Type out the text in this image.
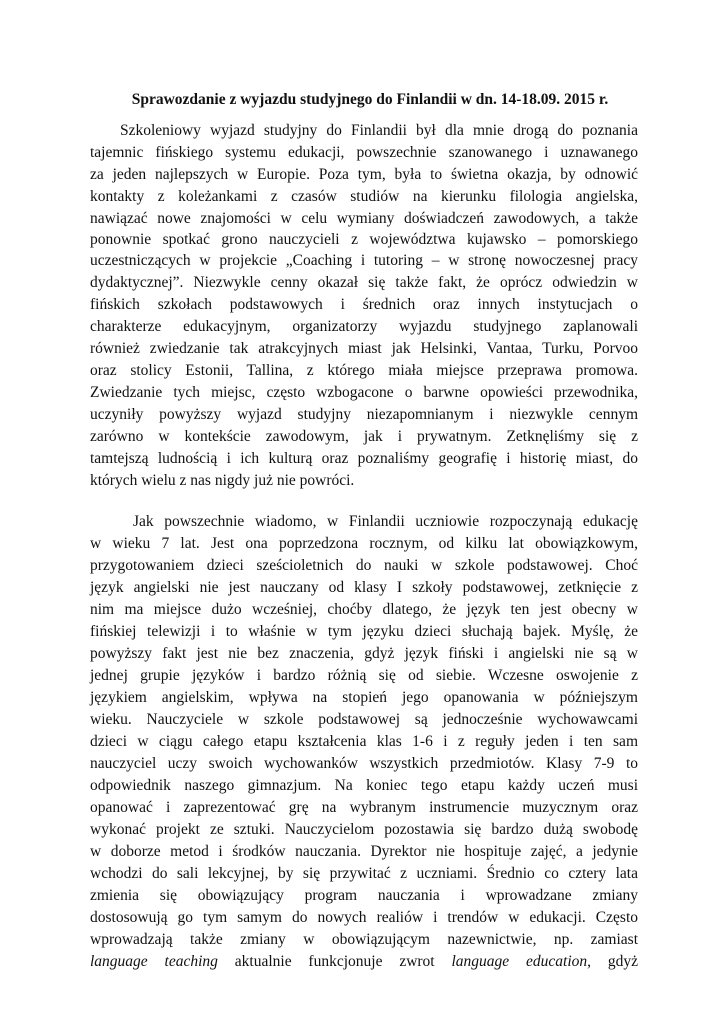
Sprawozdanie z wyjazdu studyjnego do Finlandii w dn. 14-18.09. 2015 r.
Szkoleniowy wyjazd studyjny do Finlandii był dla mnie drogą do poznania
tajemnic fińskiego systemu edukacji, powszechnie szanowanego i uznawanego
za jeden najlepszych w Europie. Poza tym, była to świetna okazja, by odnowić
kontakty z koleżankami z czasów studiów na kierunku filologia angielska,
nawiązać nowe znajomości w celu wymiany doświadczeń zawodowych, a także
ponownie spotkać grono nauczycieli z województwa kujawsko – pomorskiego
uczestniczących w projekcie „Coaching i tutoring – w stronę nowoczesnej pracy
dydaktycznej”. Niezwykle cenny okazał się także fakt, że oprócz odwiedzin w
fińskich szkołach podstawowych i średnich oraz innych instytucjach o
charakterze edukacyjnym, organizatorzy wyjazdu studyjnego zaplanowali
również zwiedzanie tak atrakcyjnych miast jak Helsinki, Vantaa, Turku, Porvoo
oraz stolicy Estonii, Tallina, z którego miała miejsce przeprawa promowa.
Zwiedzanie tych miejsc, często wzbogacone o barwne opowieści przewodnika,
uczyniły powyższy wyjazd studyjny niezapomnianym i niezwykle cennym
zarówno w kontekście zawodowym, jak i prywatnym. Zetknęliśmy się z
tamtejszą ludnością i ich kulturą oraz poznaliśmy geografię i historię miast, do
których wielu z nas nigdy już nie powróci.
Jak powszechnie wiadomo, w Finlandii uczniowie rozpoczynają edukację
w wieku 7 lat. Jest ona poprzedzona rocznym, od kilku lat obowiązkowym,
przygotowaniem dzieci sześcioletnich do nauki w szkole podstawowej. Choć
język angielski nie jest nauczany od klasy I szkoły podstawowej, zetknięcie z
nim ma miejsce dużo wcześniej, choćby dlatego, że język ten jest obecny w
fińskiej telewizji i to właśnie w tym języku dzieci słuchają bajek. Myślę, że
powyższy fakt jest nie bez znaczenia, gdyż język fiński i angielski nie są w
jednej grupie języków i bardzo różnią się od siebie. Wczesne oswojenie z
językiem angielskim, wpływa na stopień jego opanowania w późniejszym
wieku. Nauczyciele w szkole podstawowej są jednocześnie wychowawcami
dzieci w ciągu całego etapu kształcenia klas 1-6 i z reguły jeden i ten sam
nauczyciel uczy swoich wychowanków wszystkich przedmiotów. Klasy 7-9 to
odpowiednik naszego gimnazjum. Na koniec tego etapu każdy uczeń musi
opanować i zaprezentować grę na wybranym instrumencie muzycznym oraz
wykonać projekt ze sztuki. Nauczycielom pozostawia się bardzo dużą swobodę
w doborze metod i środków nauczania. Dyrektor nie hospituje zajęć, a jedynie
wchodzi do sali lekcyjnej, by się przywitać z uczniami. Średnio co cztery lata
zmienia się obowiązujący program nauczania i wprowadzane zmiany
dostosowują go tym samym do nowych realiów i trendów w edukacji. Często
wprowadzają także zmiany w obowiązującym nazewnictwie, np. zamiast
language teaching aktualnie funkcjonuje zwrot language education, gdyż
